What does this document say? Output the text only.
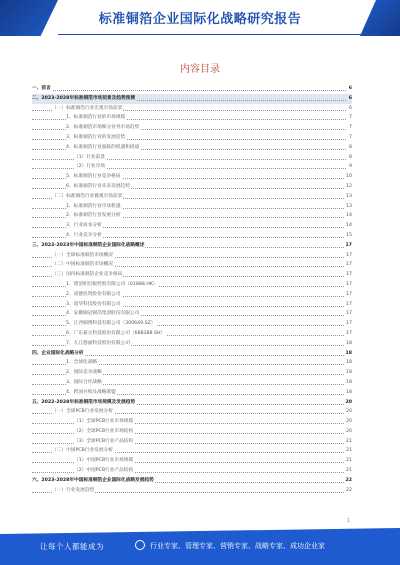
标准铜箔企业国际化战略研究报告
内容目录
一、前言	6
二、2023-2028年标准铜箔市场前景及趋势预测	6
（一）标准铜箔行业宏观市场前景	6
1、标准铜箔行业的市场规模	7
2、标准铜箔市场细分业务市场趋势	7
3、标准铜箔行业的发展趋势	7
4、标准铜箔行业面临的机遇和挑战	8
（1）行业前景	8
（2）行业市场	9
5、标准铜箔行业竞争格局	10
6、标准铜箔行业未来发展趋势	12
（二）标准铜箔行业微观市场前景	13
1、标准铜箔行业市场机遇	13
2、标准铜箔行业发展分析	14
3、行业成本分析	14
4、行业竞争分析	15
三、2022-2023年中国标准铜箔企业国际化战略概述	17
（一）全球标准铜箔市场概况	17
（二）中国标准铜箔市场概况	17
（三）国内标准铜箔企业竞争格局	17
1、建滔积层板控股有限公司（01888.HK）	17
2、诺德投资股份有限公司	17
3、超华科技股份有限公司	17
4、安徽铜冠铜箔集团股份有限公司	17
5、江西铜博科技有限公司（300649.SZ）	17
6、广东嘉元科技股份有限公司（688388.SH）	17
7、九江德福科技股份有限公司	18
四、企业国际化战略分析	18
1、全球化战略	18
2、国际竞争战略	18
3、国际合作战略	18
4、跨国并购及战略联盟	18
五、2022-2028年标准铜箔市场规模及发展趋势	20
（一）全球PCB行业发展分析	20
（1）全球PCB行业市场规模	20
（2）全球PCB行业市场结构	20
（3）全球PCB行业产品结构	21
（二）中国PCB行业发展分析	21
（1）中国PCB行业市场规模	21
（2）中国PCB行业产品结构	21
六、2023-2028年中国标准铜箔企业国际化战略发展趋势	22
（一）行业发展趋势	22
1
让每个人都能成为	行业专家、管理专家、营销专家、战略专家、成功企业家
